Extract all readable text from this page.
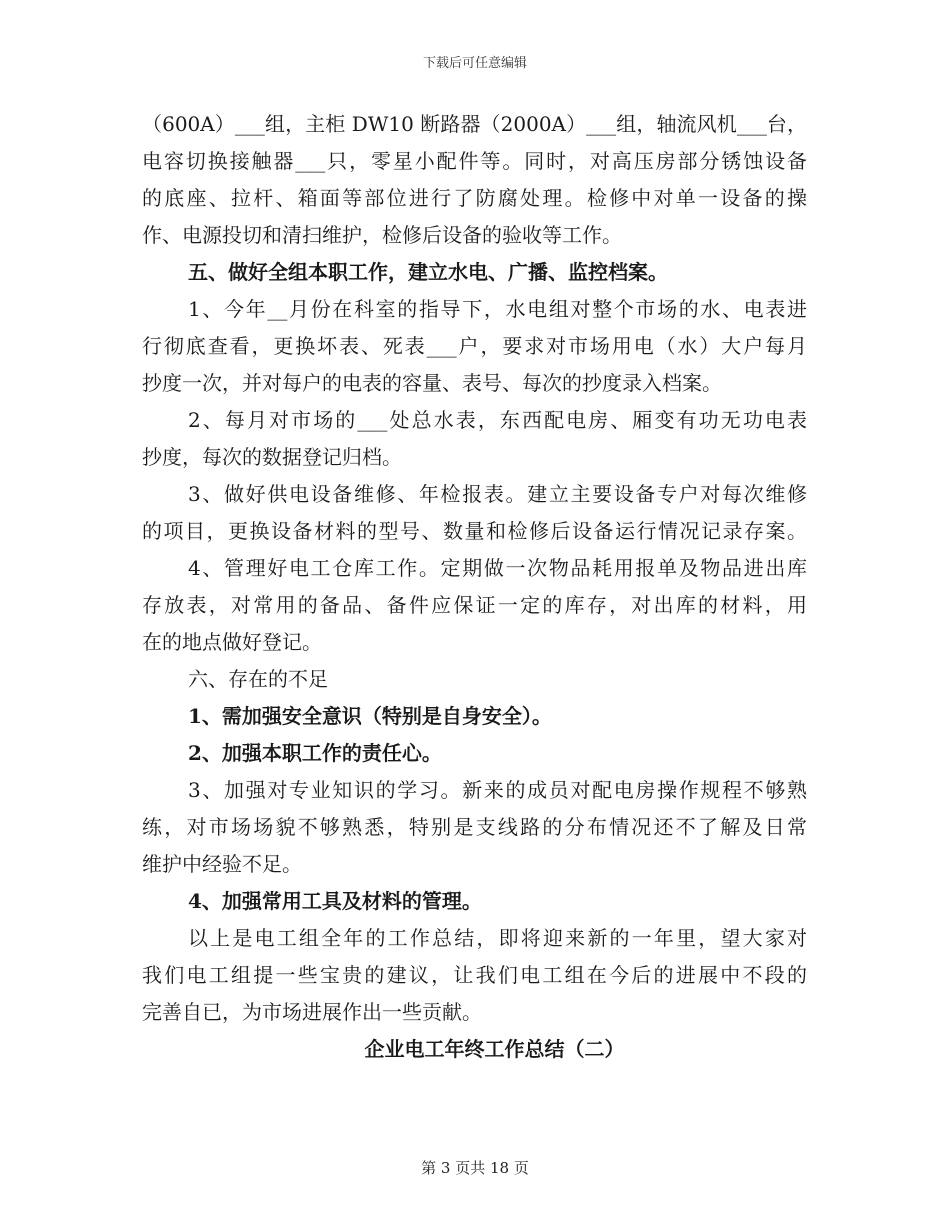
下载后可任意编辑

（600A）___组，主柜 DW10 断路器（2000A）___组，轴流风机___台，

电容切换接触器___只，零星小配件等。同时，对高压房部分锈蚀设备

的底座、拉杆、箱面等部位进行了防腐处理。检修中对单一设备的操

作、电源投切和清扫维护，检修后设备的验收等工作。

五、做好全组本职工作，建立水电、广播、监控档案。

1、今年__月份在科室的指导下，水电组对整个市场的水、电表进

行彻底查看，更换坏表、死表___户，要求对市场用电（水）大户每月

抄度一次，并对每户的电表的容量、表号、每次的抄度录入档案。

2、每月对市场的___处总水表，东西配电房、厢变有功无功电表

抄度，每次的数据登记归档。

3、做好供电设备维修、年检报表。建立主要设备专户对每次维修

的项目，更换设备材料的型号、数量和检修后设备运行情况记录存案。

4、管理好电工仓库工作。定期做一次物品耗用报单及物品进出库

存放表，对常用的备品、备件应保证一定的库存，对出库的材料，用

在的地点做好登记。

六、存在的不足

1、需加强安全意识（特别是自身安全）。

2、加强本职工作的责任心。

3、加强对专业知识的学习。新来的成员对配电房操作规程不够熟

练，对市场场貌不够熟悉，特别是支线路的分布情况还不了解及日常

维护中经验不足。

4、加强常用工具及材料的管理。

以上是电工组全年的工作总结，即将迎来新的一年里，望大家对

我们电工组提一些宝贵的建议，让我们电工组在今后的进展中不段的

完善自已，为市场进展作出一些贡献。

企业电工年终工作总结（二）

第 3 页共 18 页
